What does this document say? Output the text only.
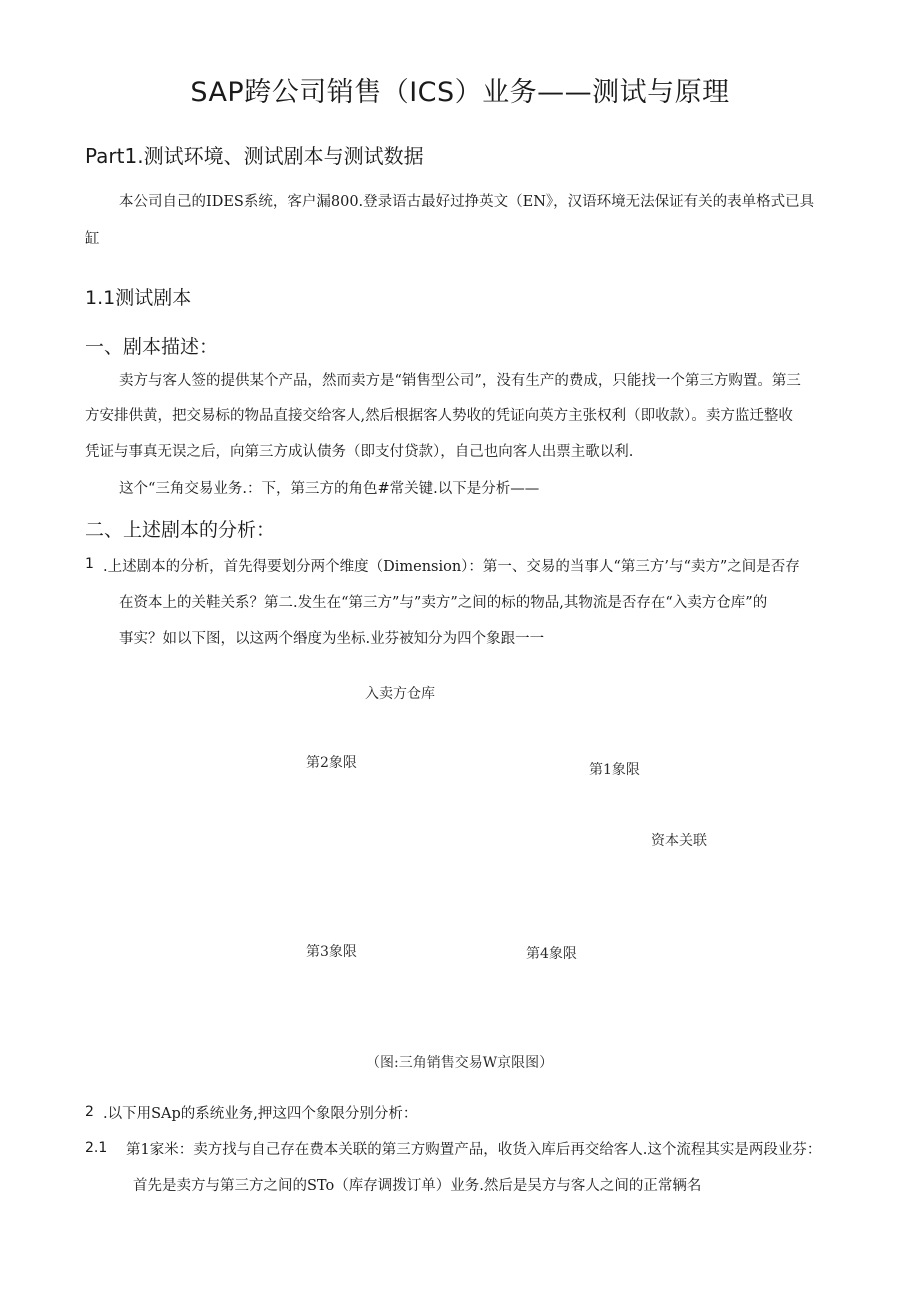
SAP跨公司销售（ICS）业务——测试与原理
Part1.测试环境、测试剧本与测试数据
本公司自己的IDES系统，客户漏800.登录语古最好过挣英文（EN》，汉语环境无法保证有关的表单格式已具
缸
1.1测试剧本
一、剧本描述：
卖方与客人签的提供某个产品，然而卖方是“销售型公司”，没有生产的费成，只能找一个第三方购置。第三
方安排供黄，把交易标的物品直接交给客人,然后根据客人势收的凭证向英方主张权利（即收款）。卖方监迁整收
凭证与事真无误之后，向第三方成认债务（即支付贷款），自己也向客人出票主歌以利.
这个“三角交易业务.：下，第三方的角色#常关键.以下是分析——
二、上述剧本的分析：
1 .上述剧本的分析，首先得要划分两个维度（Dimension）：第一、交易的当事人“第三方’与“卖方”之间是否存
在资本上的关鞋关系？第二.发生在“第三方”与”卖方”之间的标的物品,其物流是否存在“入卖方仓库”的
事实？如以下图，以这两个缗度为坐标.业芬被知分为四个象跟一一
入卖方仓库
第2象限	第1象限
资本关联
第3象限	第4象限
（图:三角销售交易W京限图）
2 .以下用SAp的系统业务,押这四个象限分别分析：
2.1 第1家米：卖方找与自己存在费本关联的第三方购置产品，收货入库后再交给客人.这个流程其实是两段业芬：
首先是卖方与第三方之间的STo（库存调拨订单）业务.然后是吴方与客人之间的正常辆名
